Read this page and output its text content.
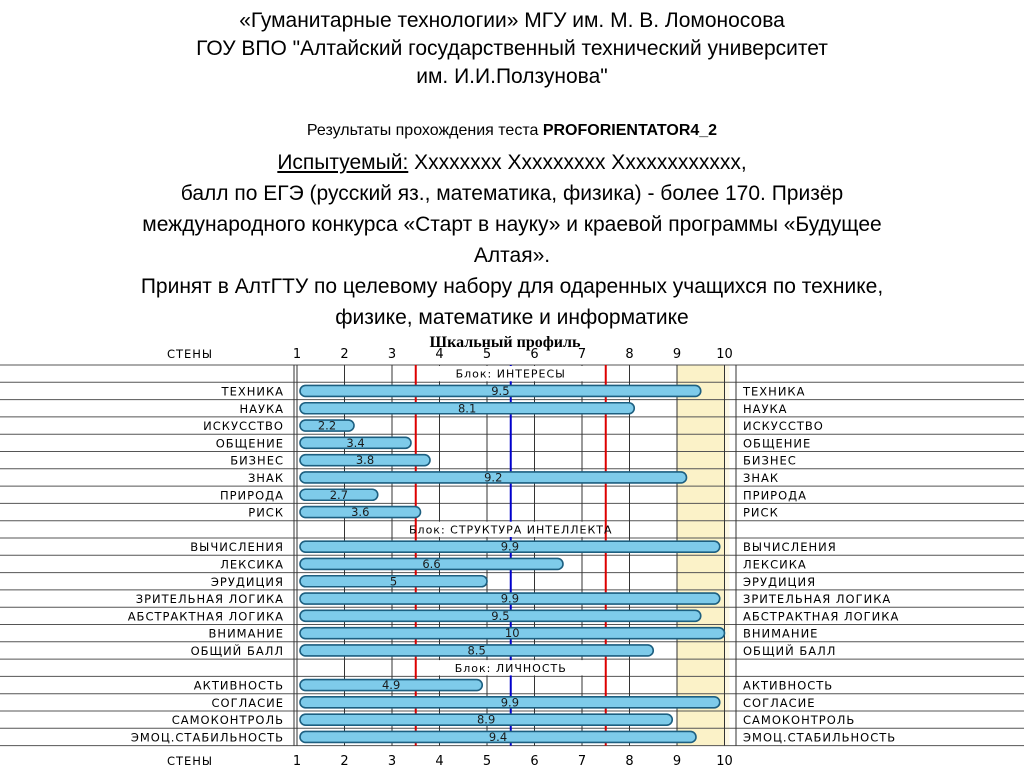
«Гуманитарные технологии» МГУ им. М. В. Ломоносова
ГОУ ВПО "Алтайский государственный технический университет
им. И.И.Ползунова"
Результаты прохождения теста PROFORIENTATOR4_2
Испытуемый: Xxxxxxxx Xxxxxxxxx Xxxxxxxxxxxx,
балл по ЕГЭ (русский яз., математика, физика) - более 170. Призёр
международного конкурса «Старт в науку» и краевой программы «Будущее
Алтая».
Принят в АлтГТУ по целевому набору для одаренных учащихся по технике,
физике, математике и информатике
9.5
8.1
2.2
3.4
3.8
9.2
2.7
3.6
9.9
6.6
5
9.9
9.5
10
8.5
4.9
9.9
8.9
9.4
СТЕНЫ	1	2	3	4	5	6	7	8	9	10
СТЕНЫ	1	2	3	4	5	6	7	8	9	10
Блок: ИНТЕРЕСЫ
ТЕХНИКА	ТЕХНИКА
НАУКА	НАУКА
ИСКУССТВО	ИСКУССТВО
ОБЩЕНИЕ	ОБЩЕНИЕ
БИЗНЕС	БИЗНЕС
ЗНАК	ЗНАК
ПРИРОДА	ПРИРОДА
РИСК	РИСК
Блок: СТРУКТУРА ИНТЕЛЛЕКТА
ВЫЧИСЛЕНИЯ	ВЫЧИСЛЕНИЯ
ЛЕКСИКА	ЛЕКСИКА
ЭРУДИЦИЯ	ЭРУДИЦИЯ
ЗРИТЕЛЬНАЯ ЛОГИКА	ЗРИТЕЛЬНАЯ ЛОГИКА
АБСТРАКТНАЯ ЛОГИКА	АБСТРАКТНАЯ ЛОГИКА
ВНИМАНИЕ	ВНИМАНИЕ
ОБЩИЙ БАЛЛ	ОБЩИЙ БАЛЛ
Блок: ЛИЧНОСТЬ
АКТИВНОСТЬ	АКТИВНОСТЬ
СОГЛАСИЕ	СОГЛАСИЕ
САМОКОНТРОЛЬ	САМОКОНТРОЛЬ
ЭМОЦ.СТАБИЛЬНОСТЬ	ЭМОЦ.СТАБИЛЬНОСТЬ
Шкальный профиль
